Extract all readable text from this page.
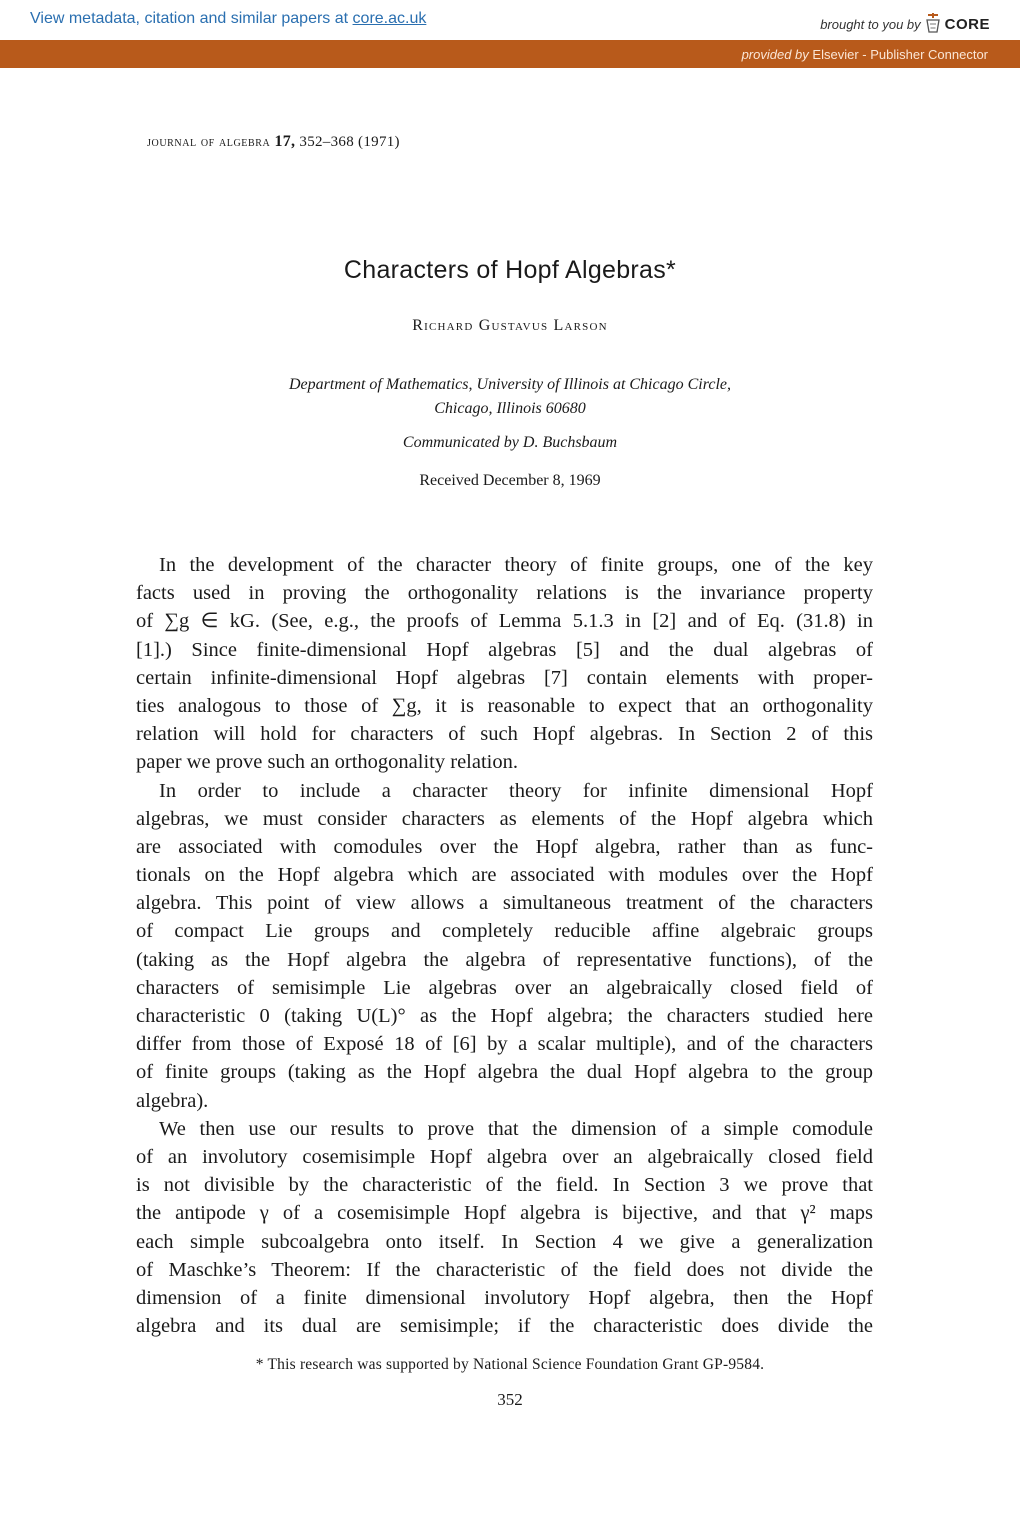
View metadata, citation and similar papers at core.ac.uk	brought to you by CORE
provided by Elsevier - Publisher Connector
journal of algebra 17, 352–368 (1971)
Characters of Hopf Algebras*
Richard Gustavus Larson
Department of Mathematics, University of Illinois at Chicago Circle,
Chicago, Illinois 60680
Communicated by D. Buchsbaum
Received December 8, 1969
In the development of the character theory of finite groups, one of the key
facts used in proving the orthogonality relations is the invariance property
of ∑g ∈ kG. (See, e.g., the proofs of Lemma 5.1.3 in [2] and of Eq. (31.8) in
[1].) Since finite-dimensional Hopf algebras [5] and the dual algebras of
certain infinite-dimensional Hopf algebras [7] contain elements with proper-
ties analogous to those of ∑g, it is reasonable to expect that an orthogonality
relation will hold for characters of such Hopf algebras. In Section 2 of this
paper we prove such an orthogonality relation.
In order to include a character theory for infinite dimensional Hopf
algebras, we must consider characters as elements of the Hopf algebra which
are associated with comodules over the Hopf algebra, rather than as func-
tionals on the Hopf algebra which are associated with modules over the Hopf
algebra. This point of view allows a simultaneous treatment of the characters
of compact Lie groups and completely reducible affine algebraic groups
(taking as the Hopf algebra the algebra of representative functions), of the
characters of semisimple Lie algebras over an algebraically closed field of
characteristic 0 (taking U(L)° as the Hopf algebra; the characters studied here
differ from those of Exposé 18 of [6] by a scalar multiple), and of the characters
of finite groups (taking as the Hopf algebra the dual Hopf algebra to the group
algebra).
We then use our results to prove that the dimension of a simple comodule
of an involutory cosemisimple Hopf algebra over an algebraically closed field
is not divisible by the characteristic of the field. In Section 3 we prove that
the antipode γ of a cosemisimple Hopf algebra is bijective, and that γ² maps
each simple subcoalgebra onto itself. In Section 4 we give a generalization
of Maschke’s Theorem: If the characteristic of the field does not divide the
dimension of a finite dimensional involutory Hopf algebra, then the Hopf
algebra and its dual are semisimple; if the characteristic does divide the
* This research was supported by National Science Foundation Grant GP-9584.
352
